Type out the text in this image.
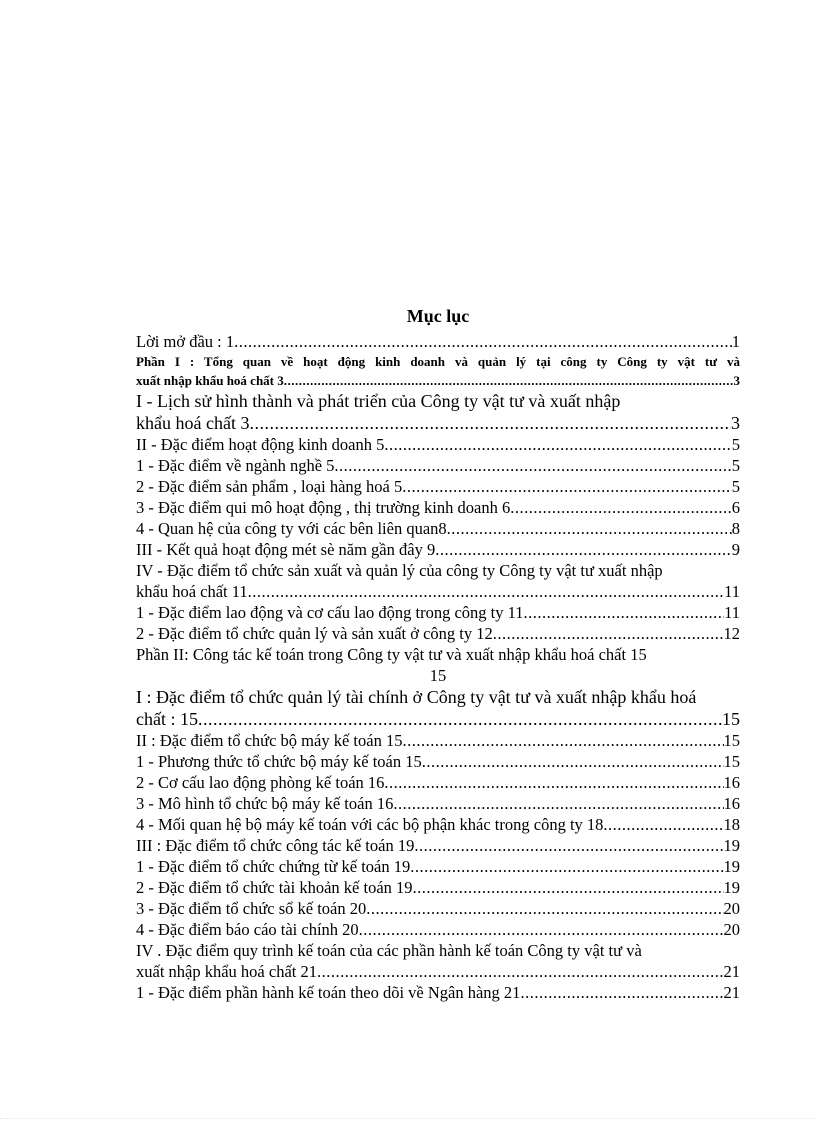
Mục lục
Lời mở đầu : 1 .....	1
Phần I : Tổng quan về hoạt động kinh doanh và quản lý tại công ty Công ty vật tư và
xuất nhập khẩu hoá chất 3 .....	3
I - Lịch sử hình thành và phát triển của Công ty vật tư và xuất nhập
khẩu hoá chất 3 .....	3
II - Đặc điểm hoạt động kinh doanh 5 .....	5
1 - Đặc điểm về ngành nghề 5 .....	5
2 - Đặc điểm sản phẩm , loại hàng hoá 5 .....	5
3 - Đặc điểm qui mô hoạt động , thị trường kinh doanh 6 .....	6
4 - Quan hệ của công ty với các bên liên quan8 .....	8
III - Kết quả hoạt động mét sè năm gần đây 9 .....	9
IV - Đặc điểm tổ chức sản xuất và quản lý của công ty Công ty vật tư xuất nhập
khẩu hoá chất 11 .....	11
1 - Đặc điểm lao động và cơ cấu lao động trong công ty 11 .....	11
2 - Đặc điểm tổ chức quản lý và sản xuất ở công ty 12 .....	12
Phần II: Công tác kế toán trong Công ty vật tư và xuất nhập khẩu hoá chất 15
15
I : Đặc điểm tổ chức quản lý tài chính ở Công ty vật tư và xuất nhập khẩu hoá
chất : 15 .....	15
II : Đặc điểm tổ chức bộ máy kế toán 15 .....	15
1 - Phương thức tổ chức bộ máy kế toán 15 .....	15
2 - Cơ cấu lao động phòng kế toán 16 .....	16
3 - Mô hình tổ chức bộ máy kế toán 16 .....	16
4 - Mối quan hệ bộ máy kế toán với các bộ phận khác trong công ty 18 .....	18
III : Đặc điểm tổ chức công tác kế toán 19 .....	19
1 - Đặc điểm tổ chức chứng từ kế toán 19 .....	19
2 - Đặc điểm tổ chức tài khoản kế toán 19 .....	19
3 - Đặc điểm tổ chức sổ kế toán 20 .....	20
4 - Đặc điểm báo cáo tài chính 20 .....	20
IV . Đặc điểm quy trình kế toán của các phần hành kế toán Công ty vật tư và
xuất nhập khẩu hoá chất 21 .....	21
1 - Đặc điểm phần hành kế toán theo dõi về Ngân hàng 21 .....	21
